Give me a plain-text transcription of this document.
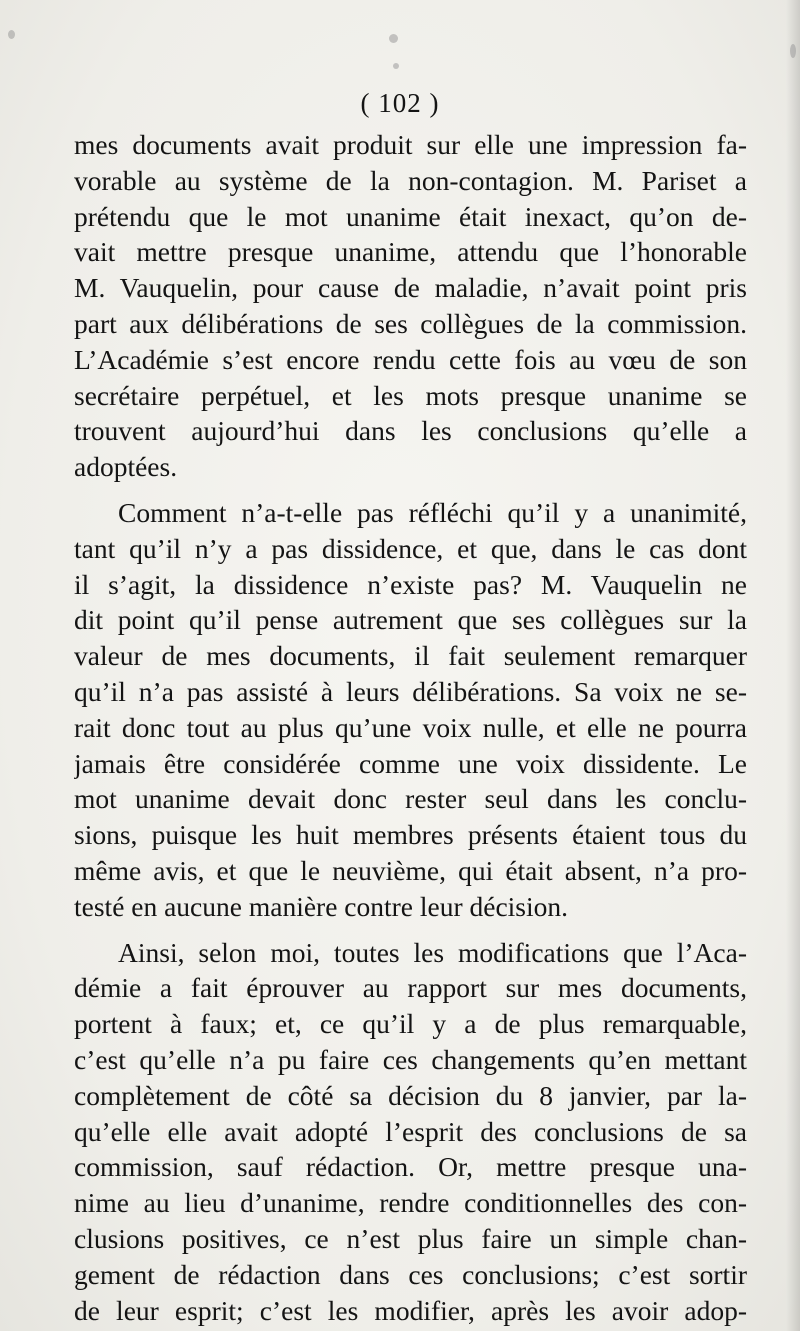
( 102 )
mes documents avait produit sur elle une impression fa-
vorable au système de la non-contagion. M. Pariset a
prétendu que le mot unanime était inexact, qu’on de-
vait mettre presque unanime, attendu que l’honorable
M. Vauquelin, pour cause de maladie, n’avait point pris
part aux délibérations de ses collègues de la commission.
L’Académie s’est encore rendu cette fois au vœu de son
secrétaire perpétuel, et les mots presque unanime se
trouvent aujourd’hui dans les conclusions qu’elle a
adoptées.
Comment n’a-t-elle pas réfléchi qu’il y a unanimité,
tant qu’il n’y a pas dissidence, et que, dans le cas dont
il s’agit, la dissidence n’existe pas? M. Vauquelin ne
dit point qu’il pense autrement que ses collègues sur la
valeur de mes documents, il fait seulement remarquer
qu’il n’a pas assisté à leurs délibérations. Sa voix ne se-
rait donc tout au plus qu’une voix nulle, et elle ne pourra
jamais être considérée comme une voix dissidente. Le
mot unanime devait donc rester seul dans les conclu-
sions, puisque les huit membres présents étaient tous du
même avis, et que le neuvième, qui était absent, n’a pro-
testé en aucune manière contre leur décision.
Ainsi, selon moi, toutes les modifications que l’Aca-
démie a fait éprouver au rapport sur mes documents,
portent à faux; et, ce qu’il y a de plus remarquable,
c’est qu’elle n’a pu faire ces changements qu’en mettant
complètement de côté sa décision du 8 janvier, par la-
qu’elle elle avait adopté l’esprit des conclusions de sa
commission, sauf rédaction. Or, mettre presque una-
nime au lieu d’unanime, rendre conditionnelles des con-
clusions positives, ce n’est plus faire un simple chan-
gement de rédaction dans ces conclusions; c’est sortir
de leur esprit; c’est les modifier, après les avoir adop-
